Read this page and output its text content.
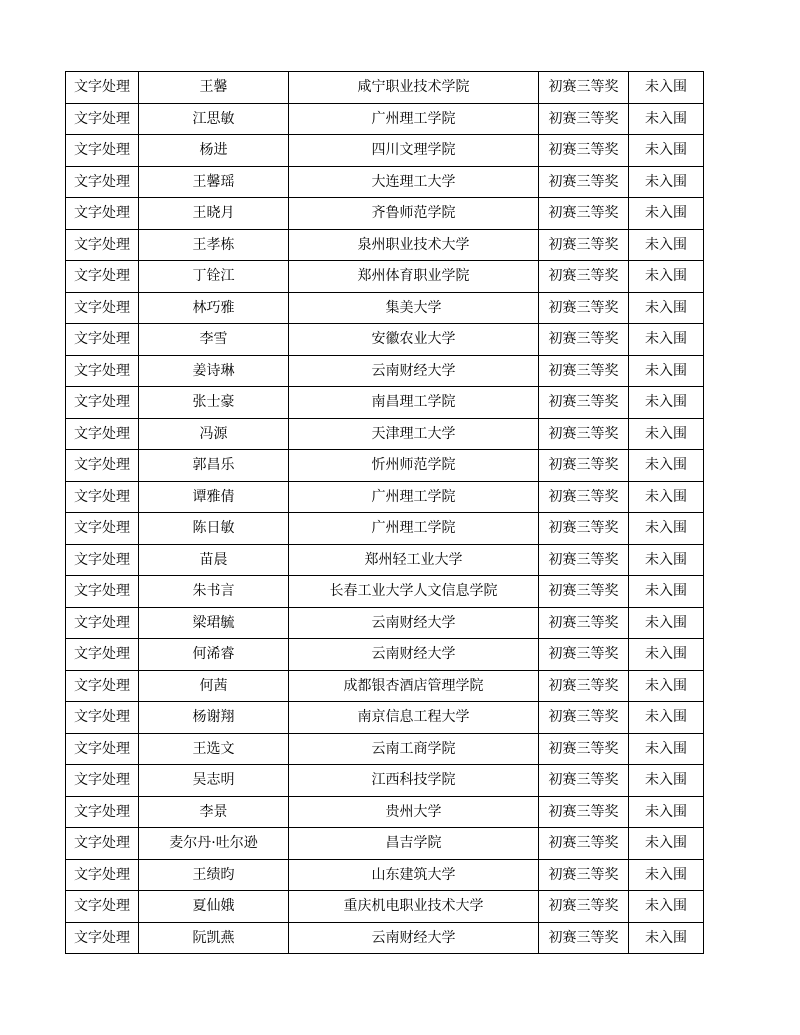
文字处理	王馨	咸宁职业技术学院	初赛三等奖	未入围
文字处理	江思敏	广州理工学院	初赛三等奖	未入围
文字处理	杨进	四川文理学院	初赛三等奖	未入围
文字处理	王馨瑶	大连理工大学	初赛三等奖	未入围
文字处理	王晓月	齐鲁师范学院	初赛三等奖	未入围
文字处理	王孝栋	泉州职业技术大学	初赛三等奖	未入围
文字处理	丁铨江	郑州体育职业学院	初赛三等奖	未入围
文字处理	林巧雅	集美大学	初赛三等奖	未入围
文字处理	李雪	安徽农业大学	初赛三等奖	未入围
文字处理	姜诗琳	云南财经大学	初赛三等奖	未入围
文字处理	张士豪	南昌理工学院	初赛三等奖	未入围
文字处理	冯源	天津理工大学	初赛三等奖	未入围
文字处理	郭昌乐	忻州师范学院	初赛三等奖	未入围
文字处理	谭雅倩	广州理工学院	初赛三等奖	未入围
文字处理	陈日敏	广州理工学院	初赛三等奖	未入围
文字处理	苗晨	郑州轻工业大学	初赛三等奖	未入围
文字处理	朱书言	长春工业大学人文信息学院	初赛三等奖	未入围
文字处理	梁珺毓	云南财经大学	初赛三等奖	未入围
文字处理	何浠睿	云南财经大学	初赛三等奖	未入围
文字处理	何茜	成都银杏酒店管理学院	初赛三等奖	未入围
文字处理	杨谢翔	南京信息工程大学	初赛三等奖	未入围
文字处理	王选文	云南工商学院	初赛三等奖	未入围
文字处理	吴志明	江西科技学院	初赛三等奖	未入围
文字处理	李景	贵州大学	初赛三等奖	未入围
文字处理	麦尔丹·吐尔逊	昌吉学院	初赛三等奖	未入围
文字处理	王绩昀	山东建筑大学	初赛三等奖	未入围
文字处理	夏仙娥	重庆机电职业技术大学	初赛三等奖	未入围
文字处理	阮凯燕	云南财经大学	初赛三等奖	未入围
